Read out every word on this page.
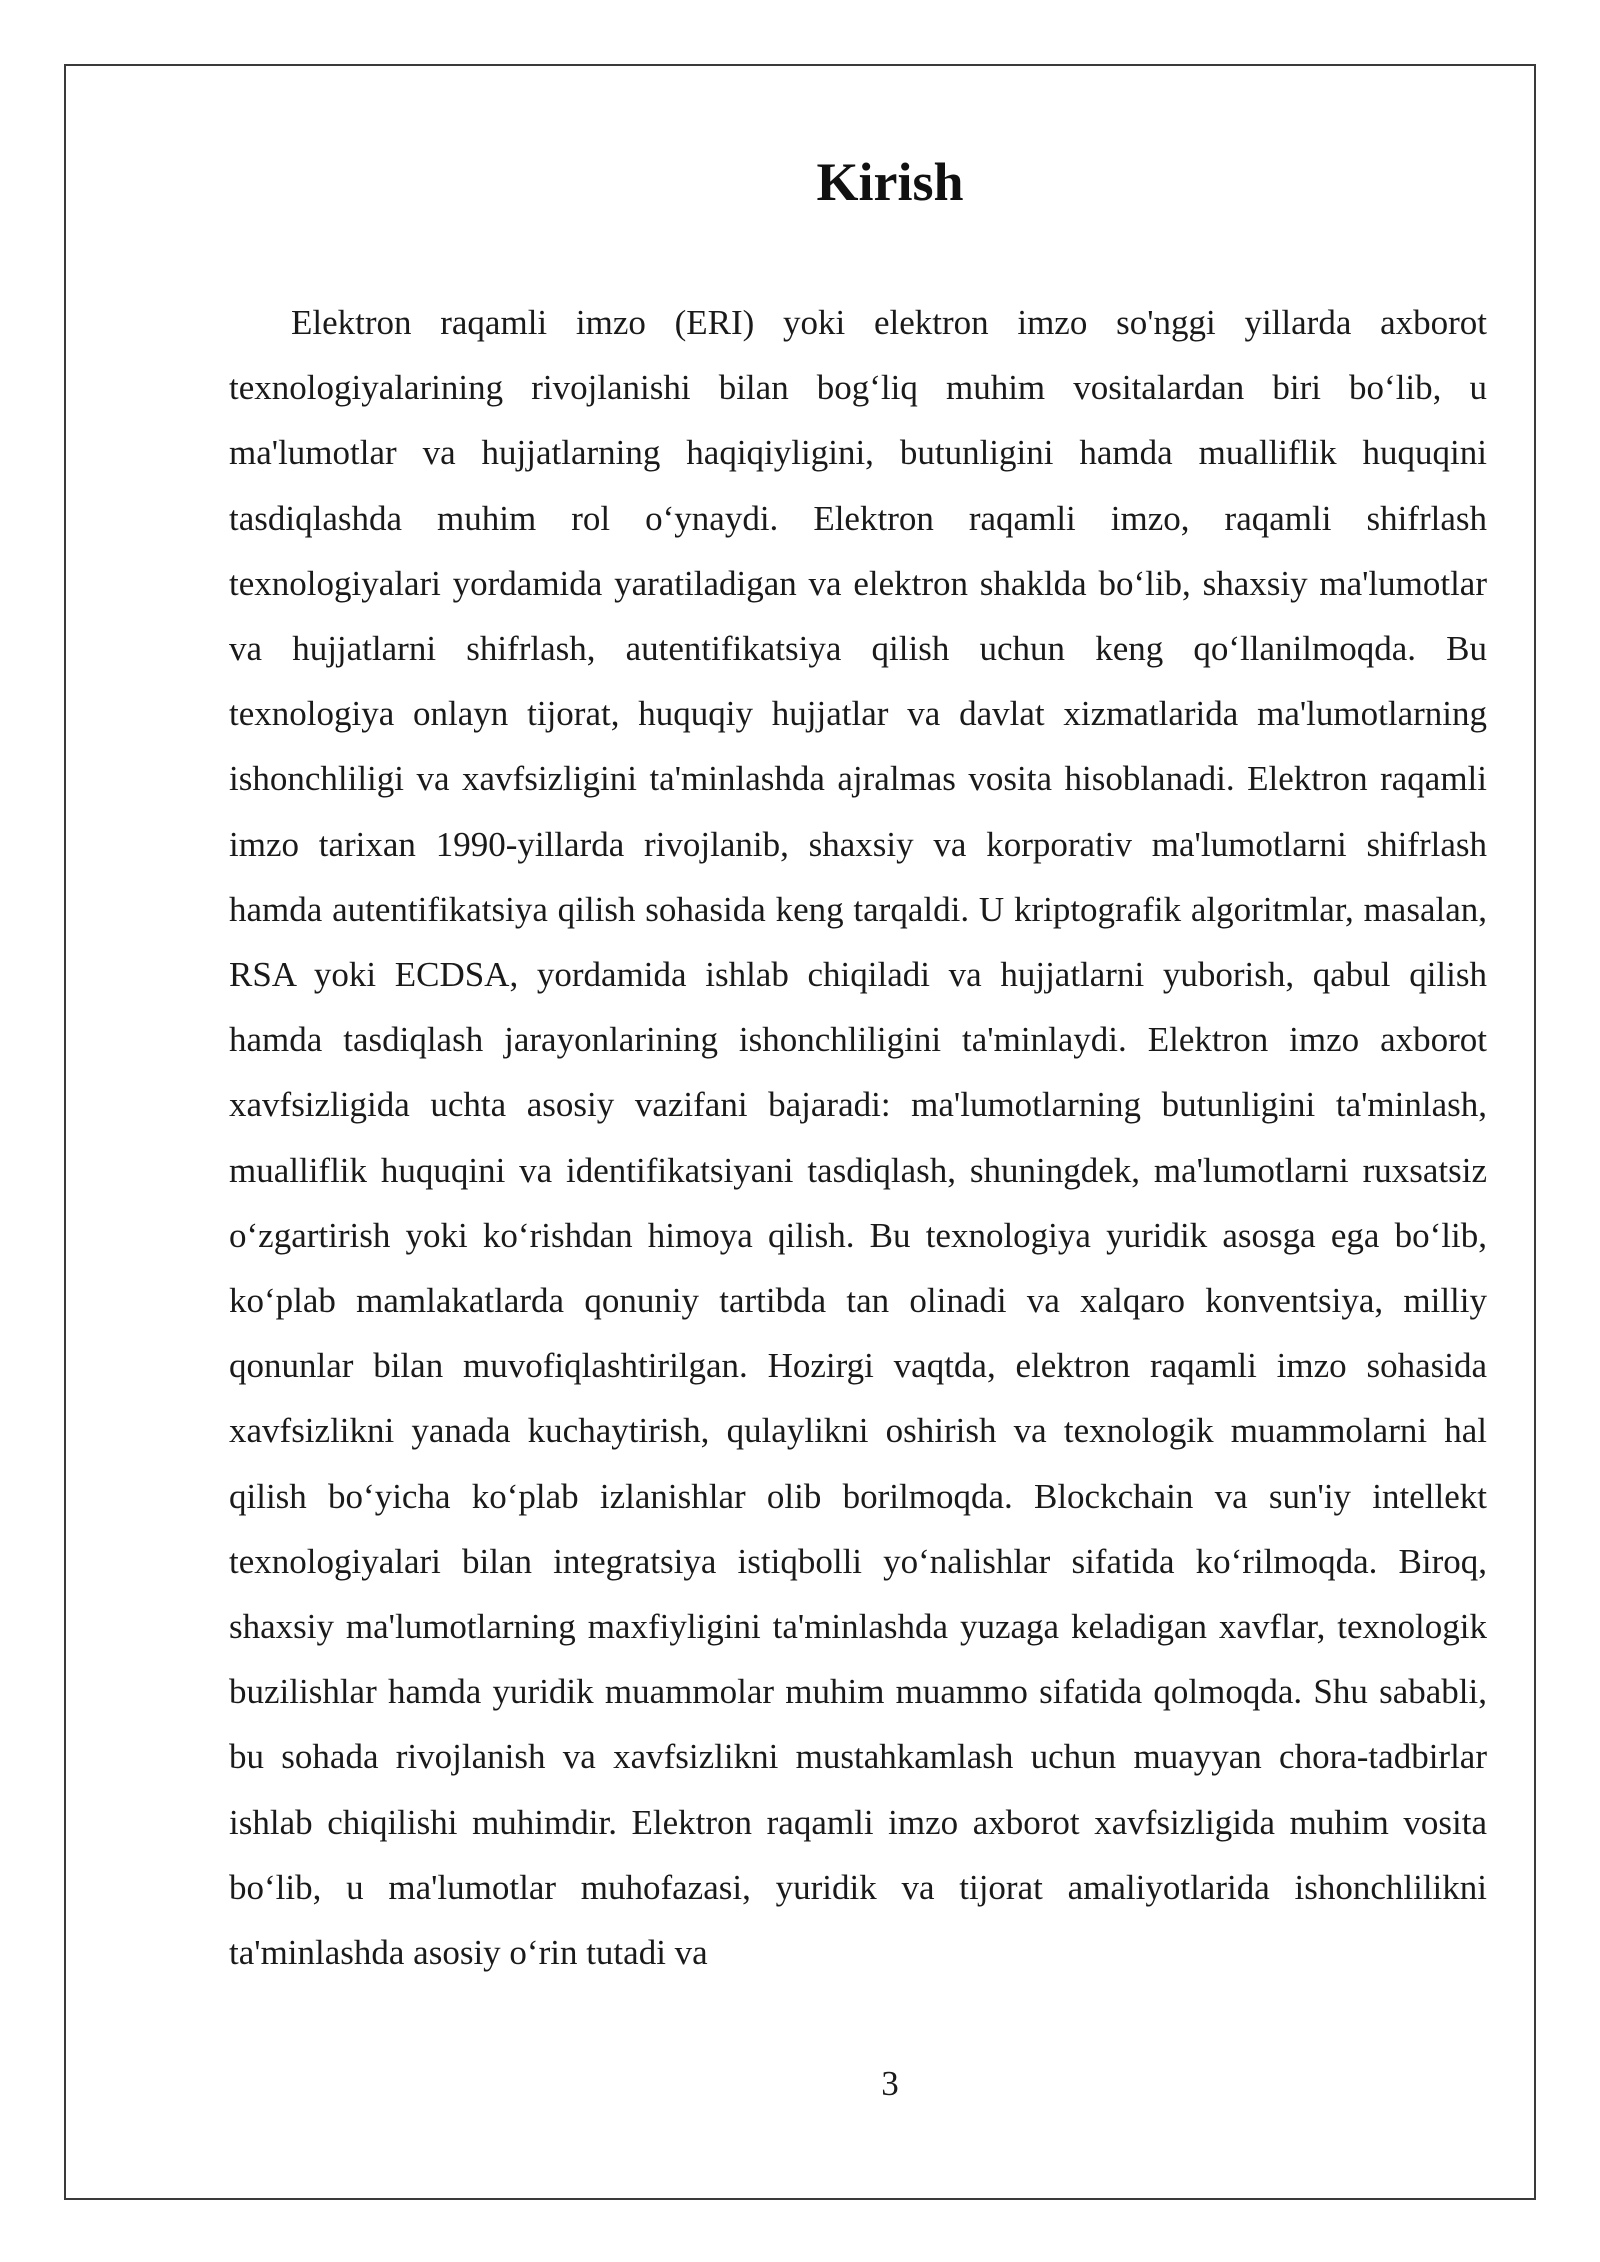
Kirish

Elektron raqamli imzo (ERI) yoki elektron imzo so'nggi yillarda axborot texnologiyalarining rivojlanishi bilan bog‘liq muhim vositalardan biri bo‘lib, u ma'lumotlar va hujjatlarning haqiqiyligini, butunligini hamda mualliflik huquqini tasdiqlashda muhim rol o‘ynaydi. Elektron raqamli imzo, raqamli shifrlash texnologiyalari yordamida yaratiladigan va elektron shaklda bo‘lib, shaxsiy ma'lumotlar va hujjatlarni shifrlash, autentifikatsiya qilish uchun keng qo‘llanilmoqda. Bu texnologiya onlayn tijorat, huquqiy hujjatlar va davlat xizmatlarida ma'lumotlarning ishonchliligi va xavfsizligini ta'minlashda ajralmas vosita hisoblanadi. Elektron raqamli imzo tarixan 1990-yillarda rivojlanib, shaxsiy va korporativ ma'lumotlarni shifrlash hamda autentifikatsiya qilish sohasida keng tarqaldi. U kriptografik algoritmlar, masalan, RSA yoki ECDSA, yordamida ishlab chiqiladi va hujjatlarni yuborish, qabul qilish hamda tasdiqlash jarayonlarining ishonchliligini ta'minlaydi. Elektron imzo axborot xavfsizligida uchta asosiy vazifani bajaradi: ma'lumotlarning butunligini ta'minlash, mualliflik huquqini va identifikatsiyani tasdiqlash, shuningdek, ma'lumotlarni ruxsatsiz o‘zgartirish yoki ko‘rishdan himoya qilish. Bu texnologiya yuridik asosga ega bo‘lib, ko‘plab mamlakatlarda qonuniy tartibda tan olinadi va xalqaro konventsiya, milliy qonunlar bilan muvofiqlashtirilgan. Hozirgi vaqtda, elektron raqamli imzo sohasida xavfsizlikni yanada kuchaytirish, qulaylikni oshirish va texnologik muammolarni hal qilish bo‘yicha ko‘plab izlanishlar olib borilmoqda. Blockchain va sun'iy intellekt texnologiyalari bilan integratsiya istiqbolli yo‘nalishlar sifatida ko‘rilmoqda. Biroq, shaxsiy ma'lumotlarning maxfiyligini ta'minlashda yuzaga keladigan xavflar, texnologik buzilishlar hamda yuridik muammolar muhim muammo sifatida qolmoqda. Shu sababli, bu sohada rivojlanish va xavfsizlikni mustahkamlash uchun muayyan chora-tadbirlar ishlab chiqilishi muhimdir. Elektron raqamli imzo axborot xavfsizligida muhim vosita bo‘lib, u ma'lumotlar muhofazasi, yuridik va tijorat amaliyotlarida ishonchlilikni ta'minlashda asosiy o‘rin tutadi va

3
